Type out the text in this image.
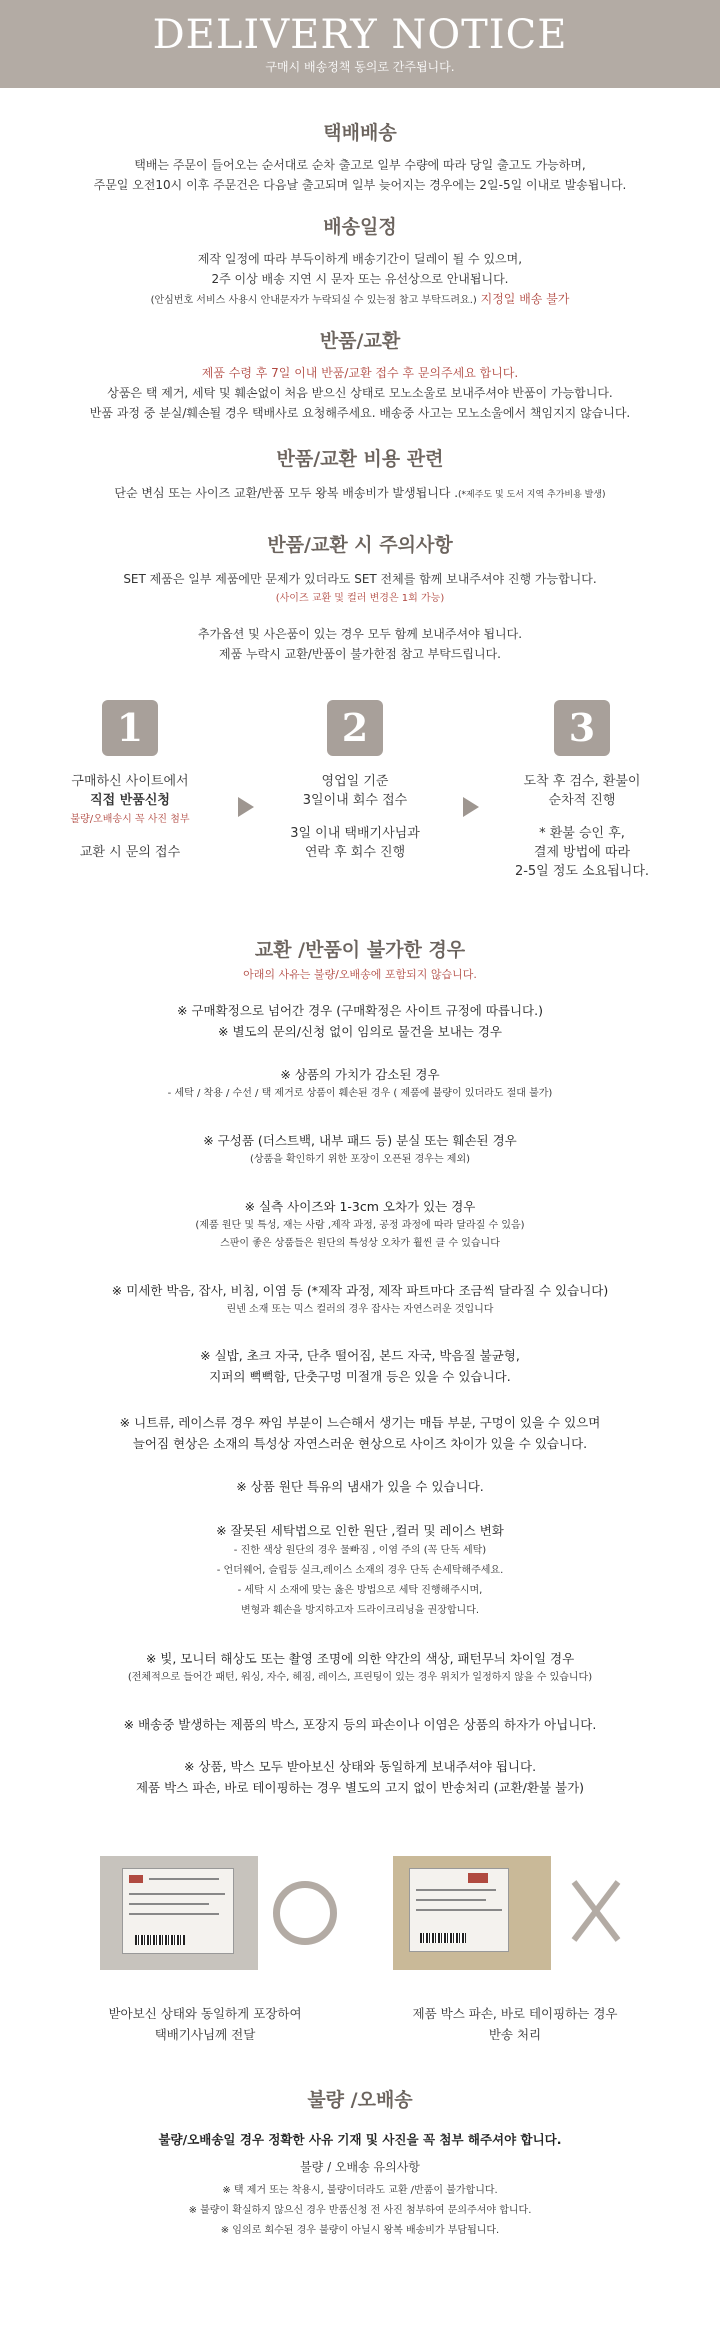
DELIVERY NOTICE
구매시 배송정책 동의로 간주됩니다.
택배배송
택배는 주문이 들어오는 순서대로 순차 출고로 일부 수량에 따라 당일 출고도 가능하며,
주문일 오전10시 이후 주문건은 다음날 출고되며 일부 늦어지는 경우에는 2일-5일 이내로 발송됩니다.
배송일정
제작 일정에 따라 부득이하게 배송기간이 딜레이 될 수 있으며,
2주 이상 배송 지연 시 문자 또는 유선상으로 안내됩니다.
(안심번호 서비스 사용시 안내문자가 누락되실 수 있는점 참고 부탁드려요.) 지정일 배송 불가
반품/교환
제품 수령 후 7일 이내 반품/교환 접수 후 문의주세요 합니다.
상품은 택 제거, 세탁 및 훼손없이 처음 받으신 상태로 모노소울로 보내주셔야 반품이 가능합니다.
반품 과정 중 분실/훼손될 경우 택배사로 요청해주세요. 배송중 사고는 모노소울에서 책임지지 않습니다.
반품/교환 비용 관련
단순 변심 또는 사이즈 교환/반품 모두 왕복 배송비가 발생됩니다 .(*제주도 및 도서 지역 추가비용 발생)
반품/교환 시 주의사항
SET 제품은 일부 제품에만 문제가 있더라도 SET 전체를 함께 보내주셔야 진행 가능합니다.
(사이즈 교환 및 컬러 변경은 1회 가능)
추가옵션 및 사은품이 있는 경우 모두 함께 보내주셔야 됩니다.
제품 누락시 교환/반품이 불가한점 참고 부탁드립니다.
1
구매하신 사이트에서
직접 반품신청
불량/오배송시 꼭 사진 첨부
교환 시 문의 접수
2
영업일 기준
3일이내 회수 접수
3일 이내 택배기사님과
연락 후 회수 진행
3
도착 후 검수, 환불이
순차적 진행
* 환불 승인 후,
결제 방법에 따라
2-5일 정도 소요됩니다.
교환 /반품이 불가한 경우
아래의 사유는 불량/오배송에 포함되지 않습니다.
※ 구매확정으로 넘어간 경우 (구매확정은 사이트 규정에 따릅니다.)
※ 별도의 문의/신청 없이 임의로 물건을 보내는 경우
※ 상품의 가치가 감소된 경우
- 세탁 / 착용 / 수선 / 택 제거로 상품이 훼손된 경우 ( 제품에 불량이 있더라도 절대 불가)
※ 구성품 (더스트백, 내부 패드 등) 분실 또는 훼손된 경우
(상품을 확인하기 위한 포장이 오픈된 경우는 제외)
※ 실측 사이즈와 1-3cm 오차가 있는 경우
(제품 원단 및 특성, 재는 사람 ,제작 과정, 공정 과정에 따라 달라질 수 있음)
스판이 좋은 상품들은 원단의 특성상 오차가 훨씬 클 수 있습니다
※ 미세한 박음, 잡사, 비침, 이염 등 (*제작 과정, 제작 파트마다 조금씩 달라질 수 있습니다)
린넨 소재 또는 믹스 컬러의 경우 잡사는 자연스러운 것입니다
※ 실밥, 초크 자국, 단추 떨어짐, 본드 자국, 박음질 불균형,
지퍼의 뻑뻑함, 단춧구멍 미절개 등은 있을 수 있습니다.
※ 니트류, 레이스류 경우 짜임 부분이 느슨해서 생기는 매듭 부분, 구멍이 있을 수 있으며
늘어짐 현상은 소재의 특성상 자연스러운 현상으로 사이즈 차이가 있을 수 있습니다.
※ 상품 원단 특유의 냄새가 있을 수 있습니다.
※ 잘못된 세탁법으로 인한 원단 ,컬러 및 레이스 변화
- 진한 색상 원단의 경우 물빠짐 , 이염 주의 (꼭 단독 세탁)
- 언더웨어, 슬립등 실크,레이스 소재의 경우 단독 손세탁해주세요.
- 세탁 시 소재에 맞는 옳은 방법으로 세탁 진행해주시며,
변형과 훼손을 방지하고자 드라이크리닝을 권장합니다.
※ 빛, 모니터 해상도 또는 촬영 조명에 의한 약간의 색상, 패턴무늬 차이일 경우
(전체적으로 들어간 패턴, 워싱, 자수, 헤짐, 레이스, 프린팅이 있는 경우 위치가 일정하지 않을 수 있습니다)
※ 배송중 발생하는 제품의 박스, 포장지 등의 파손이나 이염은 상품의 하자가 아닙니다.
※ 상품, 박스 모두 받아보신 상태와 동일하게 보내주셔야 됩니다.
제품 박스 파손, 바로 테이핑하는 경우 별도의 고지 없이 반송처리 (교환/환불 불가)
받아보신 상태와 동일하게 포장하여
택배기사님께 전달
제품 박스 파손, 바로 테이핑하는 경우
반송 처리
불량 /오배송
불량/오배송일 경우 정확한 사유 기재 및 사진을 꼭 첨부 해주셔야 합니다.
불량 / 오배송 유의사항
※ 택 제거 또는 착용시, 불량이더라도 교환 /반품이 불가합니다.
※ 불량이 확실하지 않으신 경우 반품신청 전 사진 첨부하여 문의주셔야 합니다.
※ 임의로 회수된 경우 불량이 아닐시 왕복 배송비가 부담됩니다.
